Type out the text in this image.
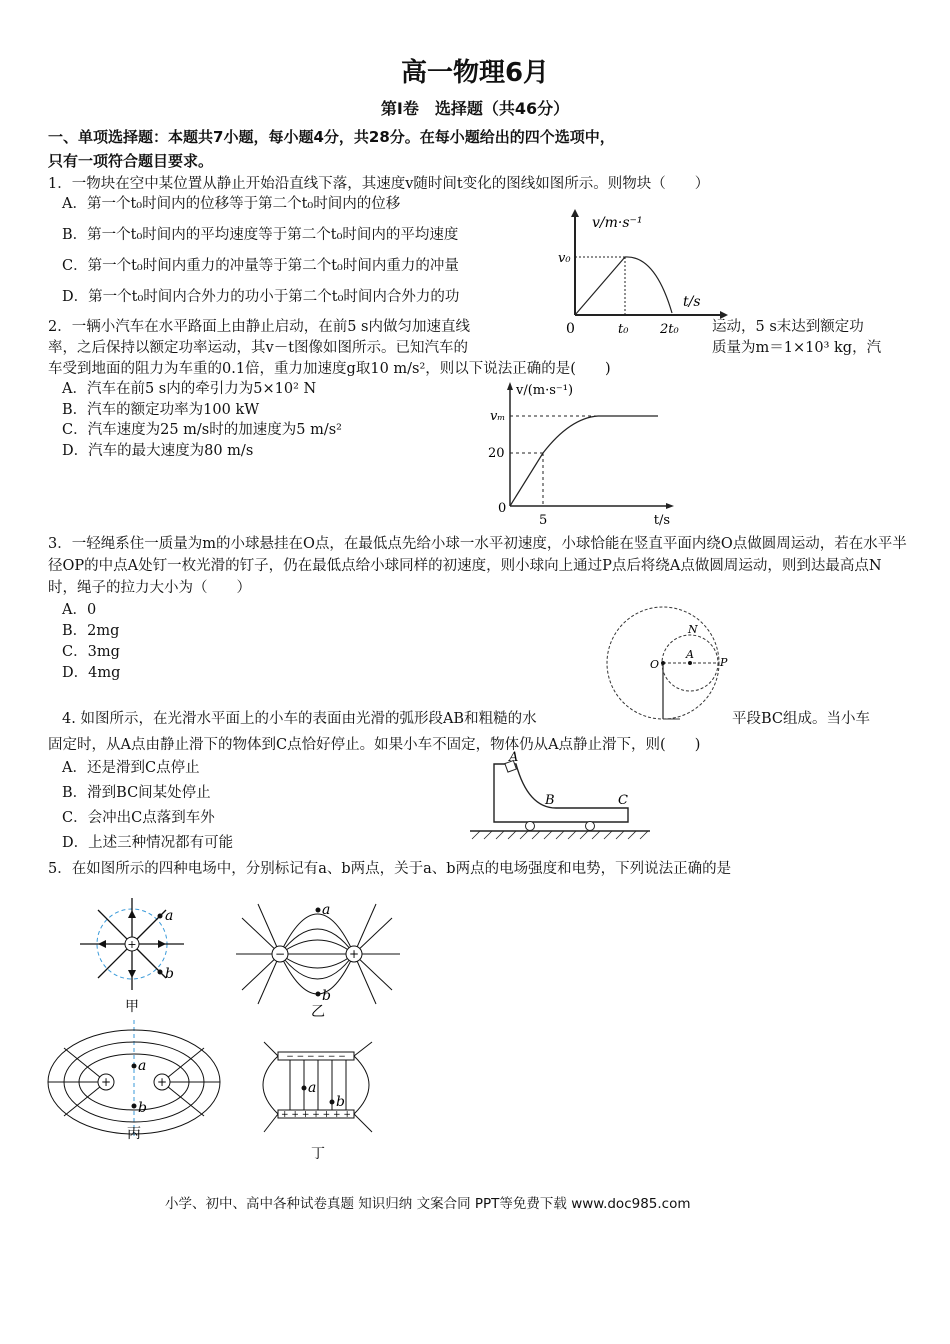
高一物理6月
第Ⅰ卷　选择题（共46分）
一、单项选择题：本题共7小题，每小题4分，共28分。在每小题给出的四个选项中，
只有一项符合题目要求。
1．一物块在空中某位置从静止开始沿直线下落，其速度v随时间t变化的图线如图所示。则物块（　　）
A．第一个t₀时间内的位移等于第二个t₀时间内的位移
B．第一个t₀时间内的平均速度等于第二个t₀时间内的平均速度
C．第一个t₀时间内重力的冲量等于第二个t₀时间内重力的冲量
D．第一个t₀时间内合外力的功小于第二个t₀时间内合外力的功
v/m·s⁻¹
t/s
v₀
0	t₀ 2t₀
2．一辆小汽车在水平路面上由静止启动，在前5 s内做匀加速直线	运动，5 s末达到额定功
率，之后保持以额定功率运动，其v－t图像如图所示。已知汽车的	质量为m＝1×10³ kg，汽
车受到地面的阻力为车重的0.1倍，重力加速度g取10 m/s²，则以下说法正确的是(　　)
A．汽车在前5 s内的牵引力为5×10² N
B．汽车的额定功率为100 kW
C．汽车速度为25 m/s时的加速度为5 m/s²
D．汽车的最大速度为80 m/s
v/(m·s⁻¹)
t/s
vₘ
20
0
5
3．一轻绳系住一质量为m的小球悬挂在O点，在最低点先给小球一水平初速度，小球恰能在竖直平面内绕O点做圆周运动，若在水平半径OP的中点A处钉一枚光滑的钉子，仍在最低点给小球同样的初速度，则小球向上通过P点后将绕A点做圆周运动，则到达最高点N时，绳子的拉力大小为（　　）
A．0
B．2mg
C．3mg
D．4mg
O
A
P
N
4. 如图所示，在光滑水平面上的小车的表面由光滑的弧形段AB和粗糙的水	平段BC组成。当小车
固定时，从A点由静止滑下的物体到C点恰好停止。如果小车不固定，物体仍从A点静止滑下，则(　　)
A．还是滑到C点停止
B．滑到BC间某处停止
C．会冲出C点落到车外
D．上述三种情况都有可能
A
B	C
5．在如图所示的四种电场中，分别标记有a、b两点，关于a、b两点的电场强度和电势，下列说法正确的是
+
a
b
甲
−	+
a
b
乙
+	+
a
b
丙
− − − − − −
+ + + + + + +
a
b
丁
小学、初中、高中各种试卷真题 知识归纳 文案合同 PPT等免费下载 www.doc985.com
